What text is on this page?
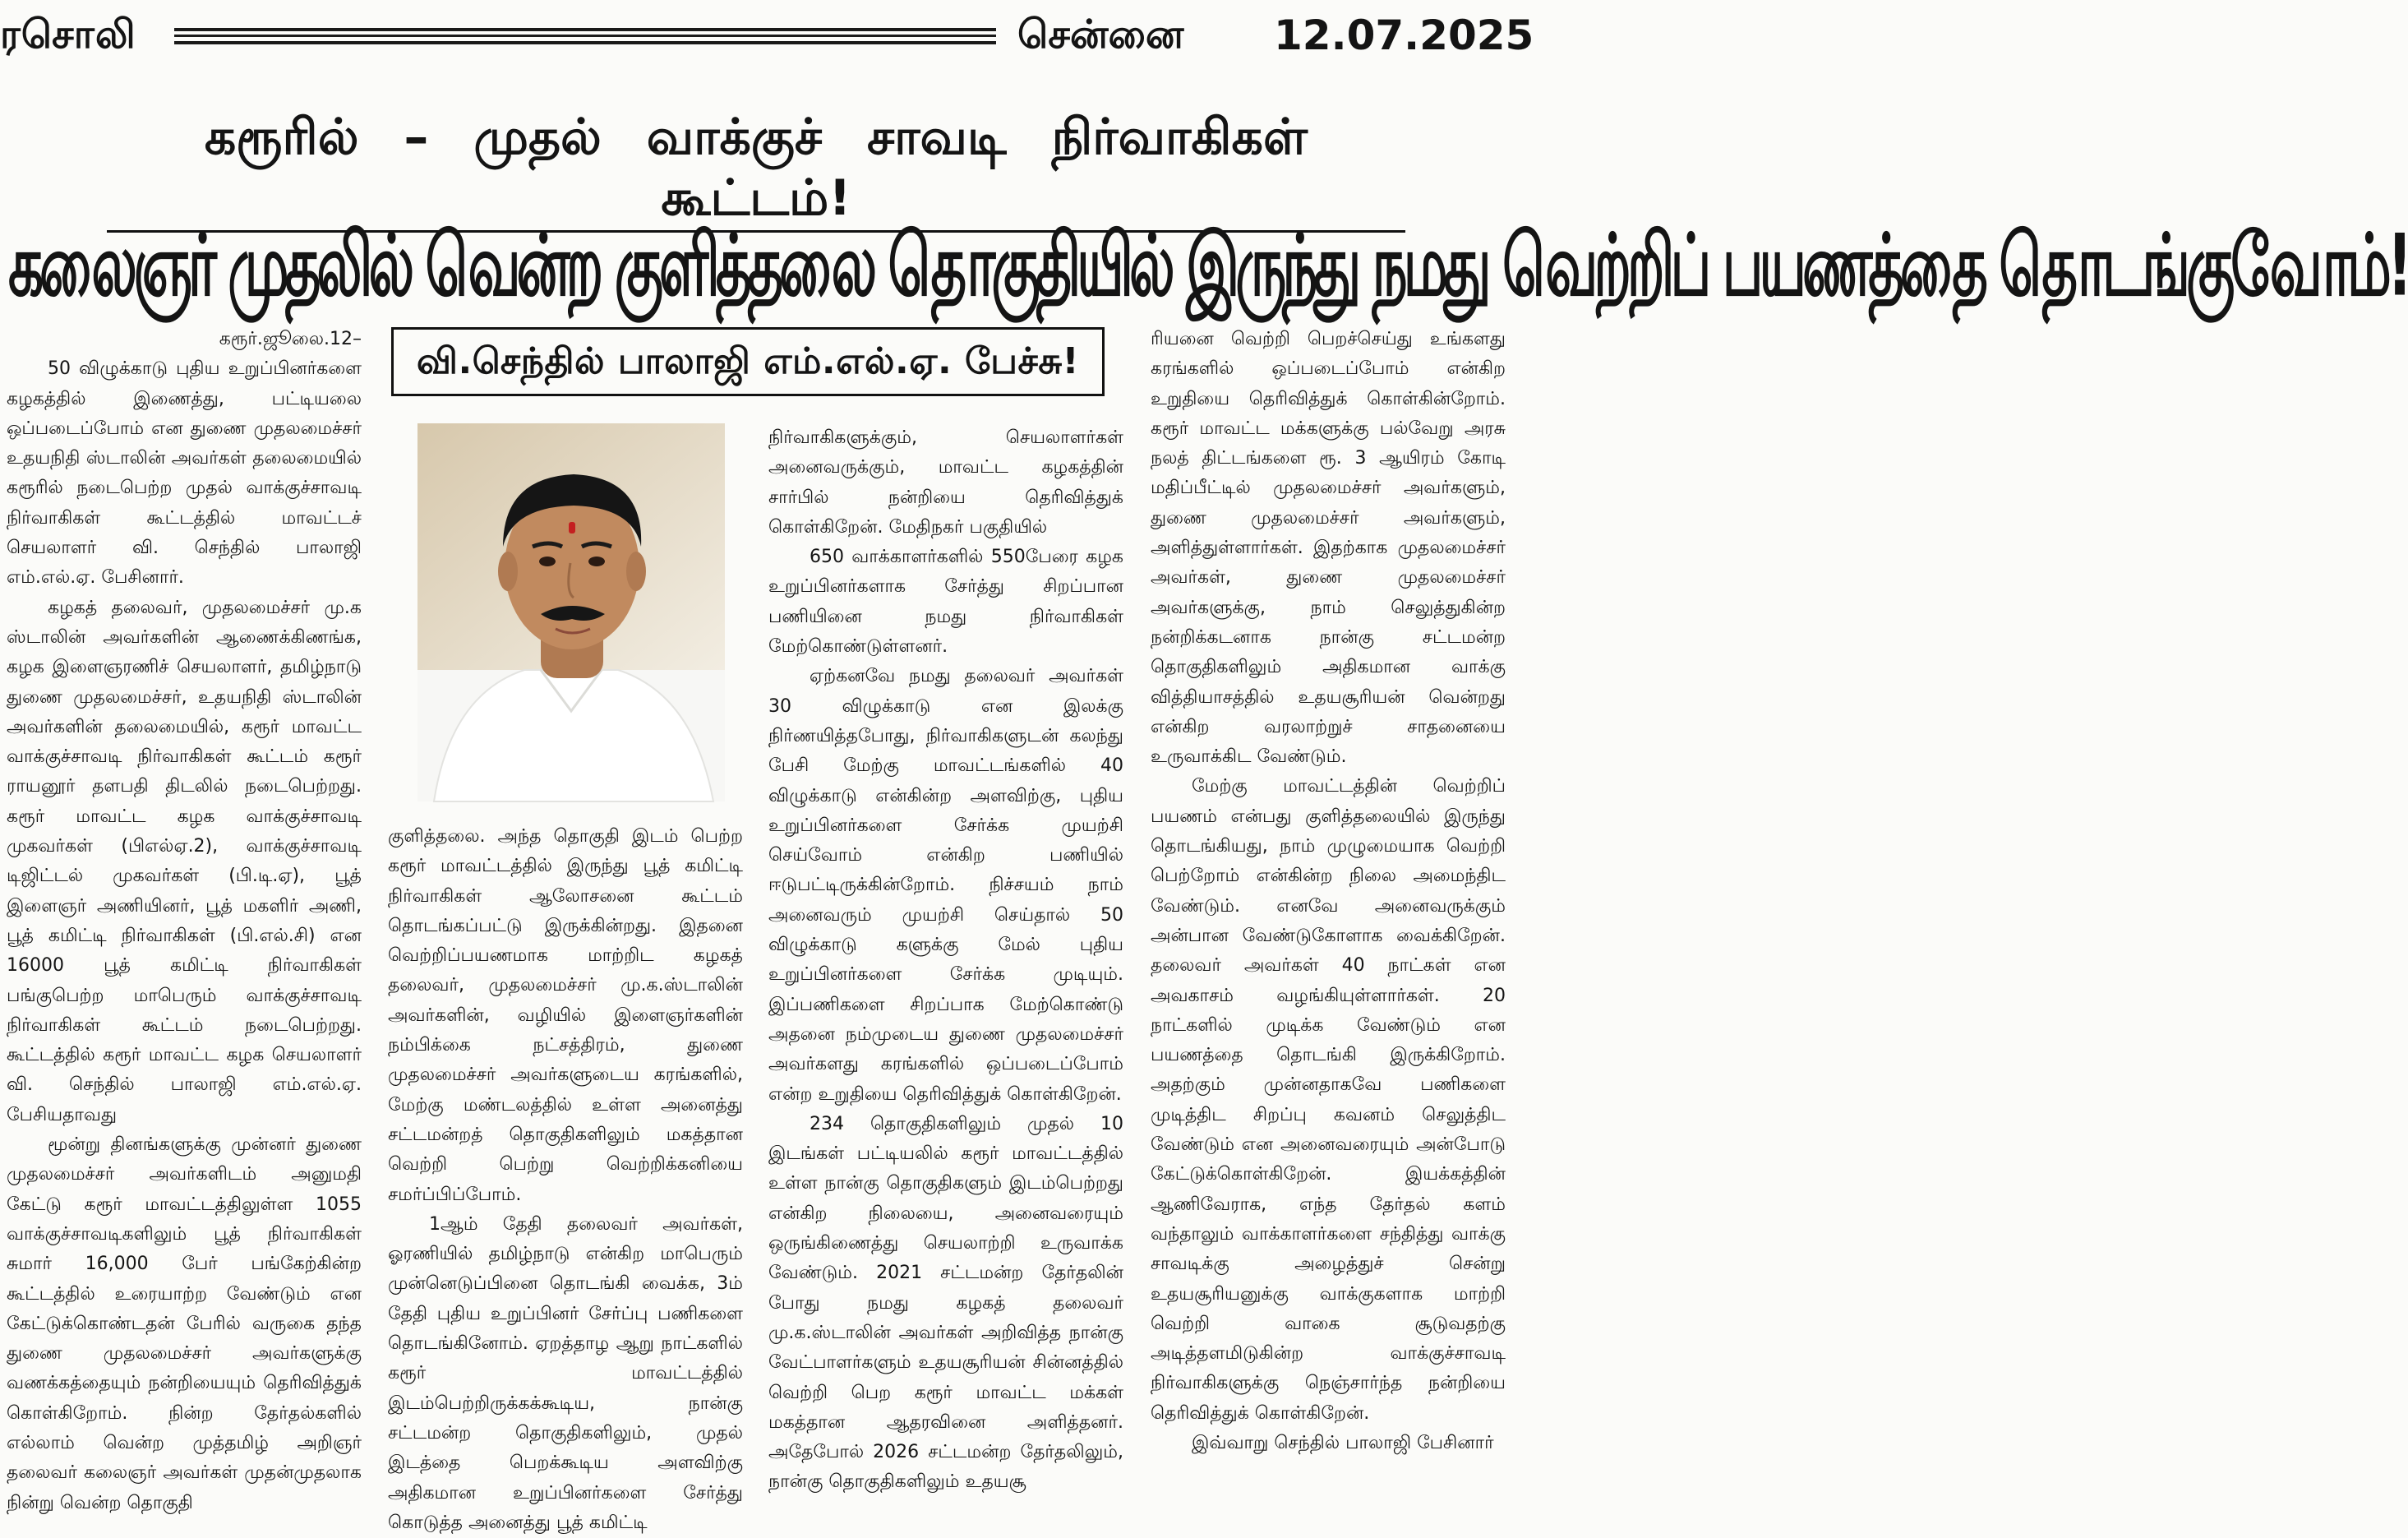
ரசொலி	சென்னை 12.07.2025
கரூரில் – முதல் வாக்குச் சாவடி நிர்வாகிகள் கூட்டம்!
கலைஞர் முதலில் வென்ற குளித்தலை தொகுதியில் இருந்து நமது வெற்றிப் பயணத்தை தொடங்குவோம்!
வி.செந்தில் பாலாஜி எம்.எல்.ஏ. பேச்சு!

கரூர்.ஜூலை.12–

50 விழுக்காடு புதிய உறுப்பினர்களை கழகத்தில் இணைத்து, பட்டியலை ஒப்படைப்போம் என துணை முதலமைச்சர் உதயநிதி ஸ்டாலின் அவர்கள் தலைமையில் கரூரில் நடைபெற்ற முதல் வாக்குச்சாவடி நிர்வாகிகள் கூட்டத்தில் மாவட்டச் செயலாளர் வி. செந்தில் பாலாஜி எம்.எல்.ஏ. பேசினார்.

கழகத் தலைவர், முதலமைச்சர் மு.க ஸ்டாலின் அவர்களின் ஆணைக்கிணங்க, கழக இளைஞரணிச் செயலாளர், தமிழ்நாடு துணை முதலமைச்சர், உதயநிதி ஸ்டாலின் அவர்களின் தலைமையில், கரூர் மாவட்ட வாக்குச்சாவடி நிர்வாகிகள் கூட்டம் கரூர் ராயனூர் தளபதி திடலில் நடைபெற்றது. கரூர் மாவட்ட கழக வாக்குச்சாவடி முகவர்கள் (பிஎல்ஏ.2), வாக்குச்சாவடி டிஜிட்டல் முகவர்கள் (பி.டி.ஏ), பூத் இளைஞர் அணியினர், பூத் மகளிர் அணி, பூத் கமிட்டி நிர்வாகிகள் (பி.எல்.சி) என 16000 பூத் கமிட்டி நிர்வாகிகள் பங்குபெற்ற மாபெரும் வாக்குச்சாவடி நிர்வாகிகள் கூட்டம் நடைபெற்றது. கூட்டத்தில் கரூர் மாவட்ட கழக செயலாளர் வி. செந்தில் பாலாஜி எம்.எல்.ஏ. பேசியதாவது

மூன்று தினங்களுக்கு முன்னர் துணை முதலமைச்சர் அவர்களிடம் அனுமதி கேட்டு கரூர் மாவட்டத்திலுள்ள 1055 வாக்குச்சாவடிகளிலும் பூத் நிர்வாகிகள் சுமார் 16,000 பேர் பங்கேற்கின்ற கூட்டத்தில் உரையாற்ற வேண்டும் என கேட்டுக்கொண்டதன் பேரில் வருகை தந்த துணை முதலமைச்சர் அவர்களுக்கு வணக்கத்தையும் நன்றியையும் தெரிவித்துக் கொள்கிறோம். நின்ற தேர்தல்களில் எல்லாம் வென்ற முத்தமிழ் அறிஞர் தலைவர் கலைஞர் அவர்கள் முதன்முதலாக நின்று வென்ற தொகுதி

குளித்தலை. அந்த தொகுதி இடம் பெற்ற கரூர் மாவட்டத்தில் இருந்து பூத் கமிட்டி நிர்வாகிகள் ஆலோசனை கூட்டம் தொடங்கப்பட்டு இருக்கின்றது. இதனை வெற்றிப்பயணமாக மாற்றிட கழகத் தலைவர், முதலமைச்சர் மு.க.ஸ்டாலின் அவர்களின், வழியில் இளைஞர்களின் நம்பிக்கை நட்சத்திரம், துணை முதலமைச்சர் அவர்களுடைய கரங்களில், மேற்கு மண்டலத்தில் உள்ள அனைத்து சட்டமன்றத் தொகுதிகளிலும் மகத்தான வெற்றி பெற்று வெற்றிக்கனியை சமர்ப்பிப்போம்.

1ஆம் தேதி தலைவர் அவர்கள், ஓரணியில் தமிழ்நாடு என்கிற மாபெரும் முன்னெடுப்பினை தொடங்கி வைக்க, 3ம் தேதி புதிய உறுப்பினர் சேர்ப்பு பணிகளை தொடங்கினோம். ஏறத்தாழ ஆறு நாட்களில் கரூர் மாவட்டத்தில் இடம்பெற்றிருக்கக்கூடிய, நான்கு சட்டமன்ற தொகுதிகளிலும், முதல் இடத்தை பெறக்கூடிய அளவிற்கு அதிகமான உறுப்பினர்களை சேர்த்து கொடுத்த அனைத்து பூத் கமிட்டி

நிர்வாகிகளுக்கும், செயலாளர்கள் அனைவருக்கும், மாவட்ட கழகத்தின் சார்பில் நன்றியை தெரிவித்துக் கொள்கிறேன். மேதிநகர் பகுதியில்

650 வாக்காளர்களில் 550பேரை கழக உறுப்பினர்களாக சேர்த்து சிறப்பான பணியினை நமது நிர்வாகிகள் மேற்கொண்டுள்ளனர்.

ஏற்கனவே நமது தலைவர் அவர்கள் 30 விழுக்காடு என இலக்கு நிர்ணயித்தபோது, நிர்வாகிகளுடன் கலந்து பேசி மேற்கு மாவட்டங்களில் 40 விழுக்காடு என்கின்ற அளவிற்கு, புதிய உறுப்பினர்களை சேர்க்க முயற்சி செய்வோம் என்கிற பணியில் ஈடுபட்டிருக்கின்றோம். நிச்சயம் நாம் அனைவரும் முயற்சி செய்தால் 50 விழுக்காடு களுக்கு மேல் புதிய உறுப்பினர்களை சேர்க்க முடியும். இப்பணிகளை சிறப்பாக மேற்கொண்டு அதனை நம்முடைய துணை முதலமைச்சர் அவர்களது கரங்களில் ஒப்படைப்போம் என்ற உறுதியை தெரிவித்துக் கொள்கிறேன்.

234 தொகுதிகளிலும் முதல் 10 இடங்கள் பட்டியலில் கரூர் மாவட்டத்தில் உள்ள நான்கு தொகுதிகளும் இடம்பெற்றது என்கிற நிலையை, அனைவரையும் ஒருங்கிணைத்து செயலாற்றி உருவாக்க வேண்டும். 2021 சட்டமன்ற தேர்தலின் போது நமது கழகத் தலைவர் மு.க.ஸ்டாலின் அவர்கள் அறிவித்த நான்கு வேட்பாளர்களும் உதயசூரியன் சின்னத்தில் வெற்றி பெற கரூர் மாவட்ட மக்கள் மகத்தான ஆதரவினை அளித்தனர். அதேபோல் 2026 சட்டமன்ற தேர்தலிலும், நான்கு தொகுதிகளிலும் உதயசூ

ரியனை வெற்றி பெறச்செய்து உங்களது கரங்களில் ஒப்படைப்போம் என்கிற உறுதியை தெரிவித்துக் கொள்கின்றோம். கரூர் மாவட்ட மக்களுக்கு பல்வேறு அரசு நலத் திட்டங்களை ரூ. 3 ஆயிரம் கோடி மதிப்பீட்டில் முதலமைச்சர் அவர்களும், துணை முதலமைச்சர் அவர்களும், அளித்துள்ளார்கள். இதற்காக முதலமைச்சர் அவர்கள், துணை முதலமைச்சர் அவர்களுக்கு, நாம் செலுத்துகின்ற நன்றிக்கடனாக நான்கு சட்டமன்ற தொகுதிகளிலும் அதிகமான வாக்கு வித்தியாசத்தில் உதயசூரியன் வென்றது என்கிற வரலாற்றுச் சாதனையை உருவாக்கிட வேண்டும்.

மேற்கு மாவட்டத்தின் வெற்றிப் பயணம் என்பது குளித்தலையில் இருந்து தொடங்கியது, நாம் முழுமையாக வெற்றி பெற்றோம் என்கின்ற நிலை அமைந்திட வேண்டும். எனவே அனைவருக்கும் அன்பான வேண்டுகோளாக வைக்கிறேன். தலைவர் அவர்கள் 40 நாட்கள் என அவகாசம் வழங்கியுள்ளார்கள். 20 நாட்களில் முடிக்க வேண்டும் என பயணத்தை தொடங்கி இருக்கிறோம். அதற்கும் முன்னதாகவே பணிகளை முடித்திட சிறப்பு கவனம் செலுத்திட வேண்டும் என அனைவரையும் அன்போடு கேட்டுக்கொள்கிறேன். இயக்கத்தின் ஆணிவேராக, எந்த தேர்தல் களம் வந்தாலும் வாக்காளர்களை சந்தித்து வாக்கு சாவடிக்கு அழைத்துச் சென்று உதயசூரியனுக்கு வாக்குகளாக மாற்றி வெற்றி வாகை சூடுவதற்கு அடித்தளமிடுகின்ற வாக்குச்சாவடி நிர்வாகிகளுக்கு நெஞ்சார்ந்த நன்றியை தெரிவித்துக் கொள்கிறேன்.

இவ்வாறு செந்தில் பாலாஜி பேசினார்
